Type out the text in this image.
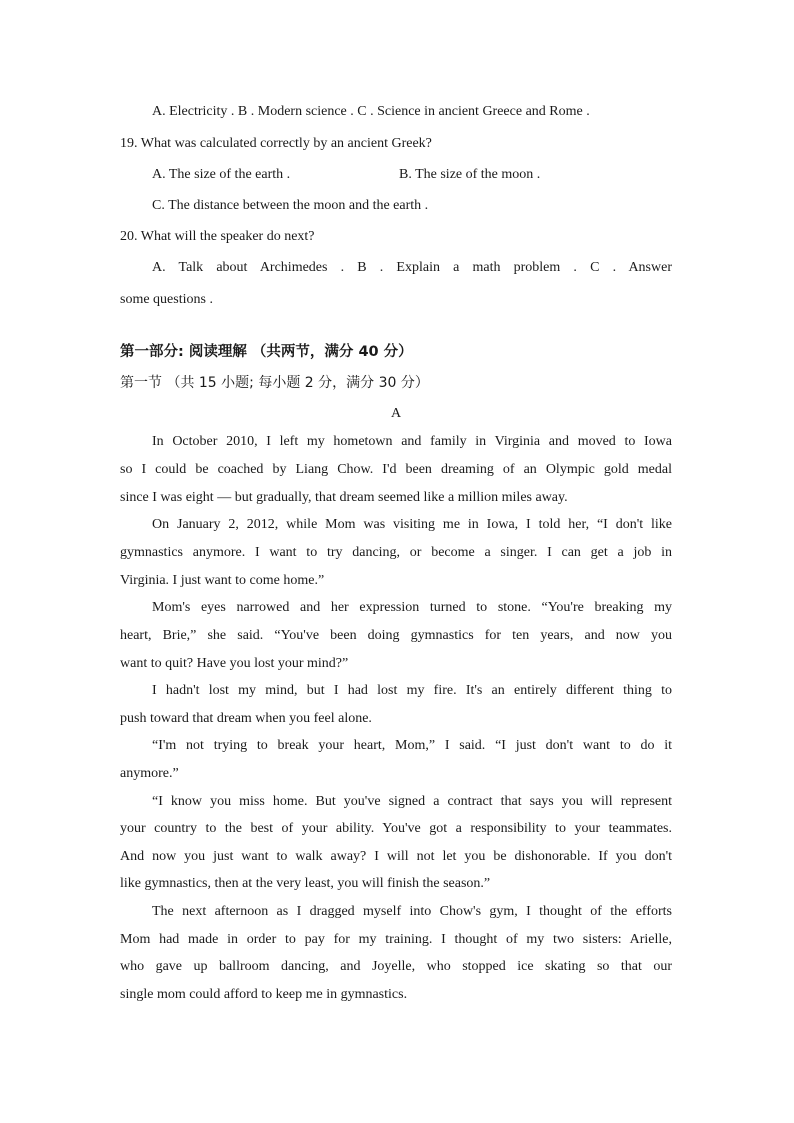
A. Electricity . B . Modern science . C . Science in ancient Greece and Rome .
19. What was calculated correctly by an ancient Greek?
A. The size of the earth .	B. The size of the moon .
C. The distance between the moon and the earth .
20. What will the speaker do next?
A. Talk about Archimedes . B . Explain a math problem . C . Answer
some questions .
第一部分: 阅读理解 （共两节，满分 40 分）
第一节 （共 15 小题; 每小题 2 分，满分 30 分）
A
In October 2010, I left my hometown and family in Virginia and moved to Iowa
so I could be coached by Liang Chow. I'd been dreaming of an Olympic gold medal
since I was eight — but gradually, that dream seemed like a million miles away.
On January 2, 2012, while Mom was visiting me in Iowa, I told her, “I don't like
gymnastics anymore. I want to try dancing, or become a singer. I can get a job in
Virginia. I just want to come home.”
Mom's eyes narrowed and her expression turned to stone. “You're breaking my
heart, Brie,” she said. “You've been doing gymnastics for ten years, and now you
want to quit? Have you lost your mind?”
I hadn't lost my mind, but I had lost my fire. It's an entirely different thing to
push toward that dream when you feel alone.
“I'm not trying to break your heart, Mom,” I said. “I just don't want to do it
anymore.”
“I know you miss home. But you've signed a contract that says you will represent
your country to the best of your ability. You've got a responsibility to your teammates.
And now you just want to walk away? I will not let you be dishonorable. If you don't
like gymnastics, then at the very least, you will finish the season.”
The next afternoon as I dragged myself into Chow's gym, I thought of the efforts
Mom had made in order to pay for my training. I thought of my two sisters: Arielle,
who gave up ballroom dancing, and Joyelle, who stopped ice skating so that our
single mom could afford to keep me in gymnastics.
